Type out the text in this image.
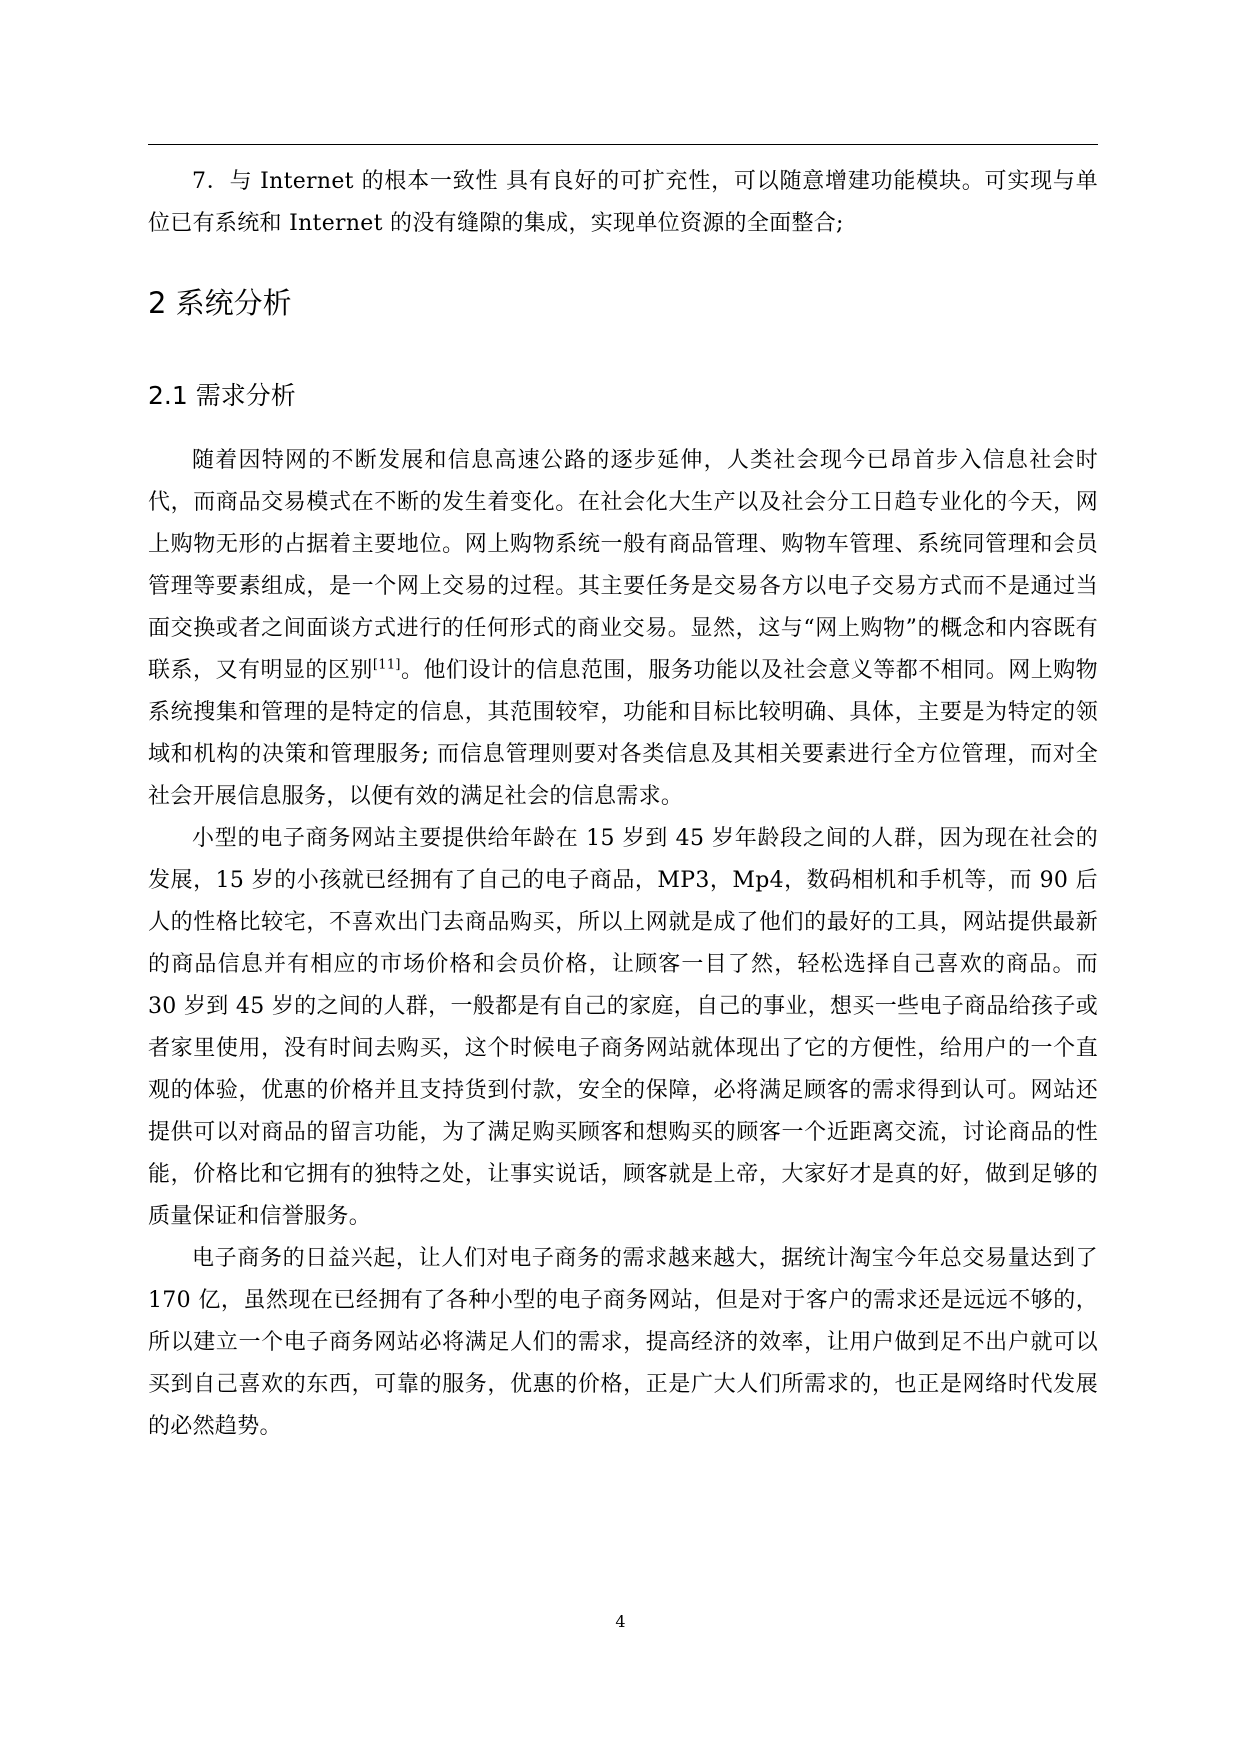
7．与 Internet 的根本一致性 具有良好的可扩充性，可以随意增建功能模块。可实现与单位已有系统和 Internet 的没有缝隙的集成，实现单位资源的全面整合;

2 系统分析
2.1 需求分析

随着因特网的不断发展和信息高速公路的逐步延伸，人类社会现今已昂首步入信息社会时代，而商品交易模式在不断的发生着变化。在社会化大生产以及社会分工日趋专业化的今天，网上购物无形的占据着主要地位。网上购物系统一般有商品管理、购物车管理、系统同管理和会员管理等要素组成，是一个网上交易的过程。其主要任务是交易各方以电子交易方式而不是通过当面交换或者之间面谈方式进行的任何形式的商业交易。显然，这与“网上购物”的概念和内容既有联系，又有明显的区别[11]。他们设计的信息范围，服务功能以及社会意义等都不相同。网上购物系统搜集和管理的是特定的信息，其范围较窄，功能和目标比较明确、具体，主要是为特定的领域和机构的决策和管理服务; 而信息管理则要对各类信息及其相关要素进行全方位管理，而对全社会开展信息服务，以便有效的满足社会的信息需求。

小型的电子商务网站主要提供给年龄在 15 岁到 45 岁年龄段之间的人群，因为现在社会的发展，15 岁的小孩就已经拥有了自己的电子商品，MP3，Mp4，数码相机和手机等，而 90 后人的性格比较宅，不喜欢出门去商品购买，所以上网就是成了他们的最好的工具，网站提供最新的商品信息并有相应的市场价格和会员价格，让顾客一目了然，轻松选择自己喜欢的商品。而 30 岁到 45 岁的之间的人群，一般都是有自己的家庭，自己的事业，想买一些电子商品给孩子或者家里使用，没有时间去购买，这个时候电子商务网站就体现出了它的方便性，给用户的一个直观的体验，优惠的价格并且支持货到付款，安全的保障，必将满足顾客的需求得到认可。网站还提供可以对商品的留言功能，为了满足购买顾客和想购买的顾客一个近距离交流，讨论商品的性能，价格比和它拥有的独特之处，让事实说话，顾客就是上帝，大家好才是真的好，做到足够的质量保证和信誉服务。

电子商务的日益兴起，让人们对电子商务的需求越来越大，据统计淘宝今年总交易量达到了 170 亿，虽然现在已经拥有了各种小型的电子商务网站，但是对于客户的需求还是远远不够的，所以建立一个电子商务网站必将满足人们的需求，提高经济的效率，让用户做到足不出户就可以买到自己喜欢的东西，可靠的服务，优惠的价格，正是广大人们所需求的，也正是网络时代发展的必然趋势。

4
